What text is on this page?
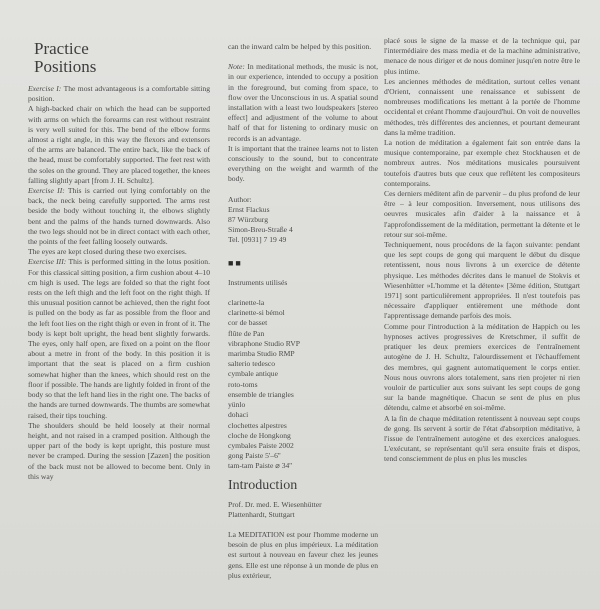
Practice
Positions

Exercise I: The most advantageous is a comfortable sitting position.

A high-backed chair on which the head can be supported with arms on which the forearms can rest without restraint is very well suited for this. The bend of the elbow forms almost a right angle, in this way the flexors and extensors of the arms are balanced. The entire back, like the back of the head, must be comfortably supported. The feet rest with the soles on the ground. They are placed together, the knees falling slightly apart [from J. H. Schultz].

Exercise II: This is carried out lying comfortably on the back, the neck being carefully supported. The arms rest beside the body without touching it, the elbows slightly bent and the palms of the hands turned downwards. Also the two legs should not be in direct contact with each other, the points of the feet falling loosely outwards.

The eyes are kept closed during these two exercises.

Exercise III: This is performed sitting in the lotus position. For this classical sitting position, a firm cushion about 4–10 cm high is used. The legs are folded so that the right foot rests on the left thigh and the left foot on the right thigh. If this unusual position cannot be achieved, then the right foot is pulled on the body as far as possible from the floor and the left foot lies on the right thigh or even in front of it. The body is kept bolt upright, the head bent slightly forwards. The eyes, only half open, are fixed on a point on the floor about a metre in front of the body. In this position it is important that the seat is placed on a firm cushion somewhat higher than the knees, which should rest on the floor if possible. The hands are lightly folded in front of the body so that the left hand lies in the right one. The backs of the hands are turned downwards. The thumbs are somewhat raised, their tips touching.

The shoulders should be held loosely at their normal height, and not raised in a cramped position. Although the upper part of the body is kept upright, this posture must never be cramped. During the session [Zazen] the position of the back must not be allowed to become bent. Only in this way

can the inward calm be helped by this position.

Note: In meditational methods, the music is not, in our experience, intended to occupy a position in the foreground, but coming from space, to flow over the Unconscious in us. A spatial sound installation with a least two loudspeakers [stereo effect] and adjustment of the volume to about half of that for listening to ordinary music on records is an advantage.

It is important that the trainee learns not to listen consciously to the sound, but to concentrate everything on the weight and warmth of the body.

Author:
Ernst Flackus
87 Würzburg
Simon-Breu-Straße 4
Tel. [0931] 7 19 49
■■
Instruments utilisés
clarinette-la
clarinette-si bémol
cor de basset
flûte de Pan
vibraphone Studio RVP
marimba Studio RMP
salterio tedesco
cymbale antique
roto-toms
ensemble de triangles
yünlo
dohaci
clochettes alpestres
cloche de Hongkong
cymbales Paiste 2002
gong Paiste 5'–6''
tam-tam Paiste ⌀ 34''
Introduction
Prof. Dr. med. E. Wiesenhütter
Plattenhardt, Stuttgart

La MEDITATION est pour l'homme moderne un besoin de plus en plus impérieux. La méditation est surtout à nouveau en faveur chez les jeunes gens. Elle est une réponse à un monde de plus en plus extérieur,

placé sous le signe de la masse et de la technique qui, par l'intermédiaire des mass media et de la machine administrative, menace de nous diriger et de nous dominer jusqu'en notre être le plus intime.

Les anciennes méthodes de méditation, surtout celles venant d'Orient, connaissent une renaissance et subissent de nombreuses modifications les mettant à la portée de l'homme occidental et créant l'homme d'aujourd'hui. On voit de nouvelles méthodes, très différentes des anciennes, et pourtant demeurant dans la même tradition.

La notion de méditation a également fait son entrée dans la musique contemporaine, par exemple chez Stockhausen et de nombreux autres. Nos méditations musicales poursuivent toutefois d'autres buts que ceux que reflètent les compositeurs contemporains.

Ces derniers méditent afin de parvenir – du plus profond de leur être – à leur composition. Inversement, nous utilisons des oeuvres musicales afin d'aider à la naissance et à l'approfondissement de la méditation, permettant la détente et le retour sur soi-même.

Techniquement, nous procédons de la façon suivante: pendant que les sept coups de gong qui marquent le début du disque retentissent, nous nous livrons à un exercice de détente physique. Les méthodes décrites dans le manuel de Stokvis et Wiesenhütter »L'homme et la détente« [3ème édition, Stuttgart 1971] sont particulièrement appropriées. Il n'est toutefois pas nécessaire d'appliquer entièrement une méthode dont l'apprentissage demande parfois des mois.

Comme pour l'introduction à la méditation de Happich ou les hypnoses actives progressives de Kretschmer, il suffit de pratiquer les deux premiers exercices de l'entraînement autogène de J. H. Schultz, l'alourdissement et l'échauffement des membres, qui gagnent automatiquement le corps entier. Nous nous ouvrons alors totalement, sans rien projeter ni rien vouloir de particulier aux sons suivant les sept coups de gong sur la bande magnétique. Chacun se sent de plus en plus détendu, calme et absorbé en soi-même.

A la fin de chaque méditation retentissent à nouveau sept coups de gong. Ils servent à sortir de l'état d'absorption méditative, à l'issue de l'entraînement autogène et des exercices analogues. L'exécutant, se représentant qu'il sera ensuite frais et dispos, tend consciemment de plus en plus les muscles
